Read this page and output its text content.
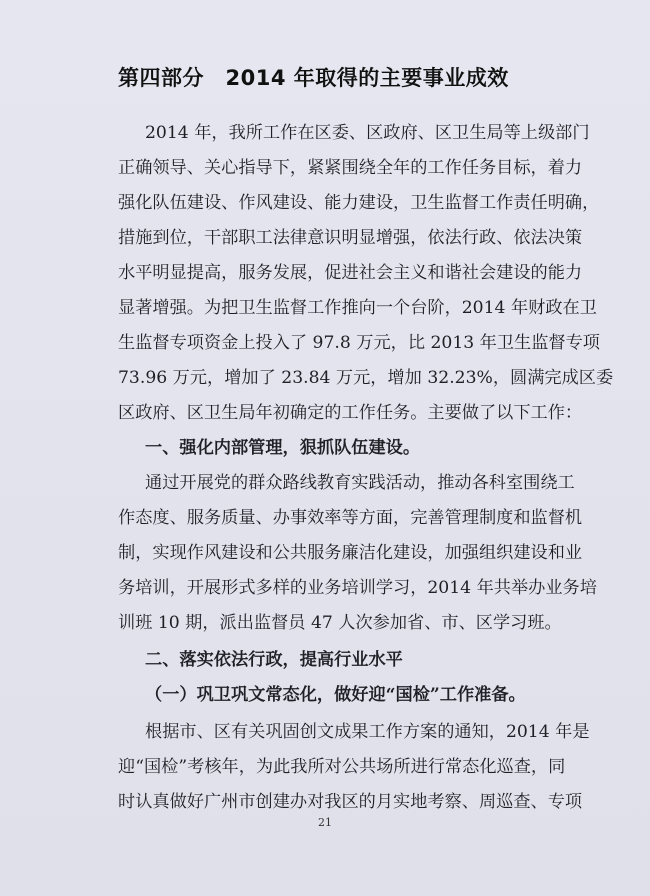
第四部分　2014 年取得的主要事业成效
2014 年，我所工作在区委、区政府、区卫生局等上级部门
正确领导、关心指导下，紧紧围绕全年的工作任务目标，着力
强化队伍建设、作风建设、能力建设，卫生监督工作责任明确，
措施到位，干部职工法律意识明显增强，依法行政、依法决策
水平明显提高，服务发展，促进社会主义和谐社会建设的能力
显著增强。为把卫生监督工作推向一个台阶，2014 年财政在卫
生监督专项资金上投入了 97.8 万元，比 2013 年卫生监督专项
73.96 万元，增加了 23.84 万元，增加 32.23%，圆满完成区委
区政府、区卫生局年初确定的工作任务。主要做了以下工作：
一、强化内部管理，狠抓队伍建设。
通过开展党的群众路线教育实践活动，推动各科室围绕工
作态度、服务质量、办事效率等方面，完善管理制度和监督机
制，实现作风建设和公共服务廉洁化建设，加强组织建设和业
务培训，开展形式多样的业务培训学习，2014 年共举办业务培
训班 10 期，派出监督员 47 人次参加省、市、区学习班。
二、落实依法行政，提高行业水平
（一）巩卫巩文常态化，做好迎“国检”工作准备。
根据市、区有关巩固创文成果工作方案的通知，2014 年是
迎“国检”考核年，为此我所对公共场所进行常态化巡查，同
时认真做好广州市创建办对我区的月实地考察、周巡查、专项
21
